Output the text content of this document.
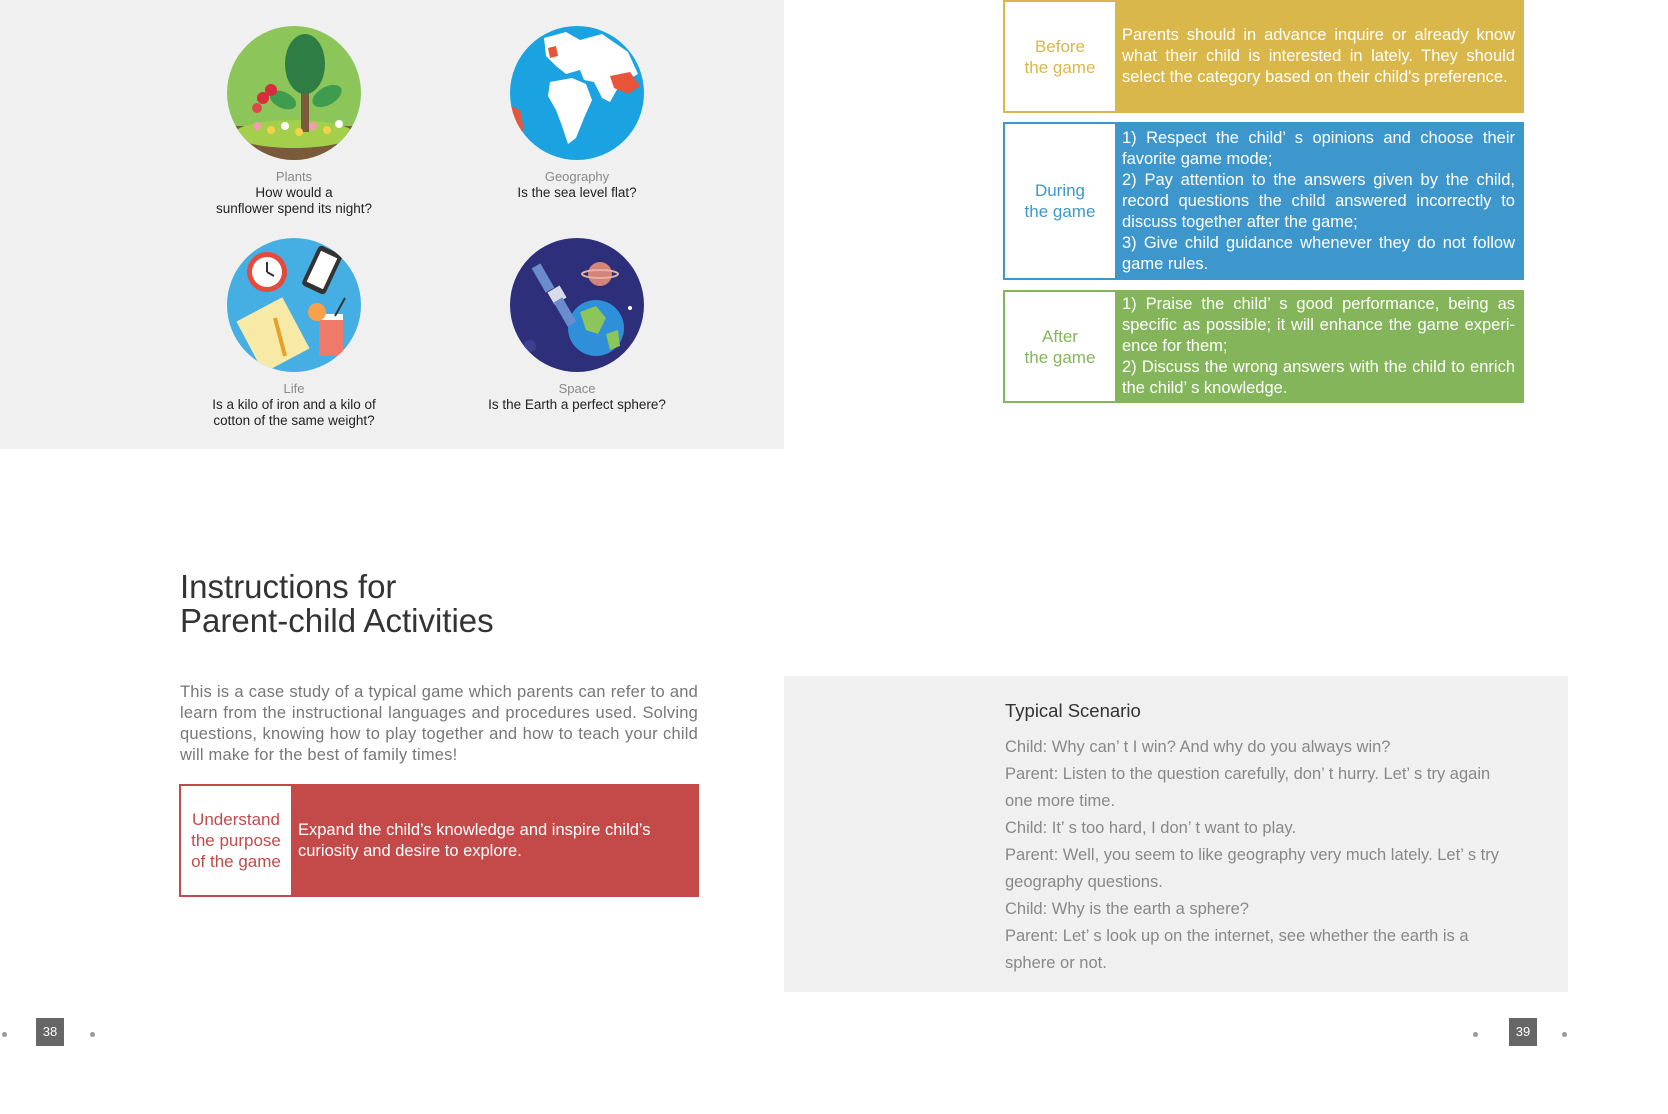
Plants
How would a
sunflower spend its night?
Geography
Is the sea level flat?
Life
Is a kilo of iron and a kilo of
cotton of the same weight?
Space
Is the Earth a perfect sphere?
Before
the game
Parents should in advance inquire or already know what their child is interested in lately. They should select the category based on their child's preference.
During
the game
1) Respect the child’ s opinions and choose their favorite game mode;
2) Pay attention to the answers given by the child, record questions the child answered incorrectly to discuss together after the game;
3) Give child guidance whenever they do not follow game rules.
After
the game
1) Praise the child’ s good performance, being as specific as possible; it will enhance the game experi-ence for them;
2) Discuss the wrong answers with the child to enrich the child’ s knowledge.
Instructions for
Parent-child Activities
This is a case study of a typical game which parents can refer to and learn from the instructional languages and procedures used. Solving questions, knowing how to play together and how to teach your child will make for the best of family times!
Understand
the purpose
of the game
Expand the child’s knowledge and inspire child’s curiosity and desire to explore.
Typical Scenario
Child: Why can’ t I win? And why do you always win?
Parent: Listen to the question carefully, don’ t hurry. Let’ s try again one more time.
Child: It’ s too hard, I don’ t want to play.
Parent: Well, you seem to like geography very much lately. Let’ s try geography questions.
Child: Why is the earth a sphere?
Parent: Let’ s look up on the internet, see whether the earth is a sphere or not.
38	39
